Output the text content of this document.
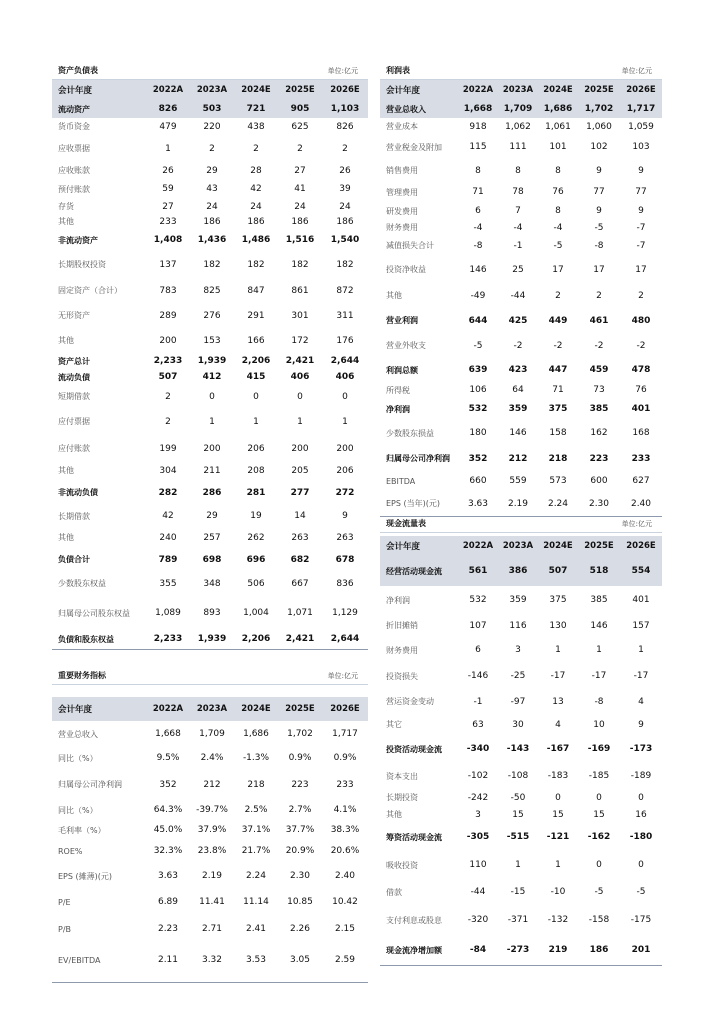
资产负债表	单位:亿元
会计年度	2022A	2023A	2024E	2025E	2026E
流动资产	826	503	721	905	1,103
货币资金	479	220	438	625	826
应收票据	1	2	2	2	2
应收账款	26	29	28	27	26
预付账款	59	43	42	41	39
存货	27	24	24	24	24
其他	233	186	186	186	186
非流动资产	1,408	1,436	1,486	1,516	1,540
长期股权投资	137	182	182	182	182
固定资产（合计）	783	825	847	861	872
无形资产	289	276	291	301	311
其他	200	153	166	172	176
资产总计	2,233	1,939	2,206	2,421	2,644
流动负债	507	412	415	406	406
短期借款	2	0	0	0	0
应付票据	2	1	1	1	1
应付账款	199	200	206	200	200
其他	304	211	208	205	206
非流动负债	282	286	281	277	272
长期借款	42	29	19	14	9
其他	240	257	262	263	263
负债合计	789	698	696	682	678
少数股东权益	355	348	506	667	836
归属母公司股东权益	1,089	893	1,004	1,071	1,129
负债和股东权益	2,233	1,939	2,206	2,421	2,644
利润表	单位:亿元
会计年度	2022A	2023A	2024E	2025E	2026E
营业总收入	1,668	1,709	1,686	1,702	1,717
营业成本	918	1,062	1,061	1,060	1,059
营业税金及附加	115	111	101	102	103
销售费用	8	8	8	9	9
管理费用	71	78	76	77	77
研发费用	6	7	8	9	9
财务费用	-4	-4	-4	-5	-7
减值损失合计	-8	-1	-5	-8	-7
投资净收益	146	25	17	17	17
其他	-49	-44	2	2	2
营业利润	644	425	449	461	480
营业外收支	-5	-2	-2	-2	-2
利润总额	639	423	447	459	478
所得税	106	64	71	73	76
净利润	532	359	375	385	401
少数股东损益	180	146	158	162	168
归属母公司净利润	352	212	218	223	233
EBITDA	660	559	573	600	627
EPS (当年)(元)	3.63	2.19	2.24	2.30	2.40
重要财务指标	单位:亿元
会计年度	2022A	2023A	2024E	2025E	2026E
营业总收入	1,668	1,709	1,686	1,702	1,717
同比（%）	9.5%	2.4%	-1.3%	0.9%	0.9%
归属母公司净利润	352	212	218	223	233
同比（%）	64.3%	-39.7%	2.5%	2.7%	4.1%
毛利率（%）	45.0%	37.9%	37.1%	37.7%	38.3%
ROE%	32.3%	23.8%	21.7%	20.9%	20.6%
EPS (摊薄)(元)	3.63	2.19	2.24	2.30	2.40
P/E	6.89	11.41	11.14	10.85	10.42
P/B	2.23	2.71	2.41	2.26	2.15
EV/EBITDA	2.11	3.32	3.53	3.05	2.59
现金流量表	单位:亿元
会计年度	2022A	2023A	2024E	2025E	2026E
经营活动现金流	561	386	507	518	554
净利润	532	359	375	385	401
折旧摊销	107	116	130	146	157
财务费用	6	3	1	1	1
投资损失	-146	-25	-17	-17	-17
营运资金变动	-1	-97	13	-8	4
其它	63	30	4	10	9
投资活动现金流	-340	-143	-167	-169	-173
资本支出	-102	-108	-183	-185	-189
长期投资	-242	-50	0	0	0
其他	3	15	15	15	16
筹资活动现金流	-305	-515	-121	-162	-180
吸收投资	110	1	1	0	0
借款	-44	-15	-10	-5	-5
支付利息或股息	-320	-371	-132	-158	-175
现金流净增加额	-84	-273	219	186	201
